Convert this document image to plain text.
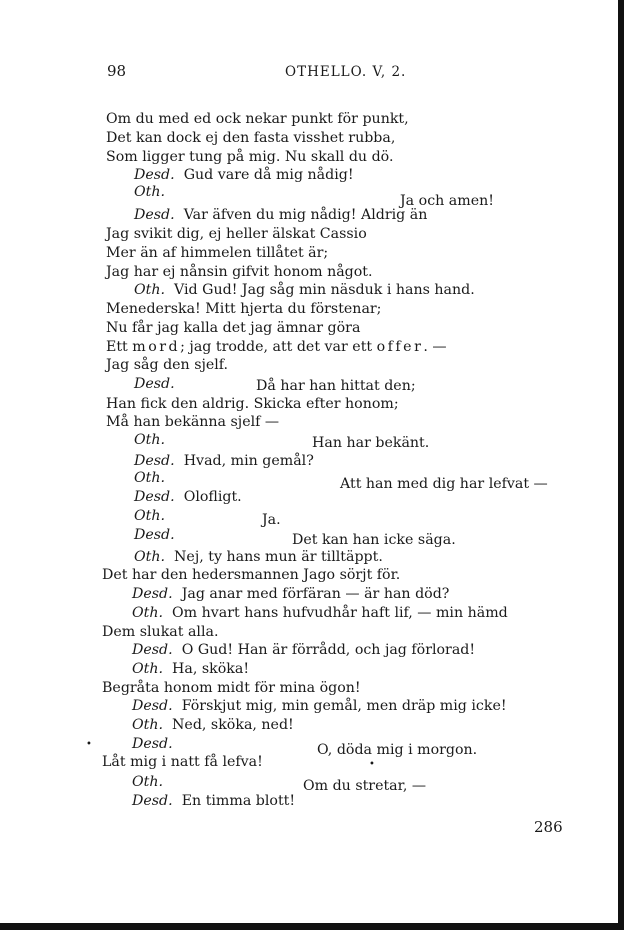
98	OTHELLO. V, 2.
Om du med ed ock nekar punkt för punkt,
Det kan dock ej den fasta visshet rubba,
Som ligger tung på mig. Nu skall du dö.
Desd. Gud vare då mig nådig!
Oth.
Ja och amen!
Desd. Var äfven du mig nådig! Aldrig än
Jag svikit dig, ej heller älskat Cassio
Mer än af himmelen tillåtet är;
Jag har ej nånsin gifvit honom något.
Oth. Vid Gud! Jag såg min näsduk i hans hand.
Menederska! Mitt hjerta du förstenar;
Nu får jag kalla det jag ämnar göra
Ett mord; jag trodde, att det var ett offer. —
Jag såg den sjelf.
Desd.	Då har han hittat den;
Han fick den aldrig. Skicka efter honom;
Må han bekänna sjelf —
Oth.	Han har bekänt.
Desd. Hvad, min gemål?
Oth.	Att han med dig har lefvat —
Desd. Olofligt.
Oth.	Ja.
Desd.	Det kan han icke säga.
Oth. Nej, ty hans mun är tilltäppt.
Det har den hedersmannen Jago sörjt för.
Desd. Jag anar med förfäran — är han död?
Oth. Om hvart hans hufvudhår haft lif, — min hämd
Dem slukat alla.
Desd. O Gud! Han är förrådd, och jag förlorad!
Oth. Ha, sköka!
Begråta honom midt för mina ögon!
Desd. Förskjut mig, min gemål, men dräp mig icke!
Oth. Ned, sköka, ned!
Desd.	O, döda mig i morgon.
•
Låt mig i natt få lefva!	•
Oth.	Om du stretar, —
Desd. En timma blott!
286
